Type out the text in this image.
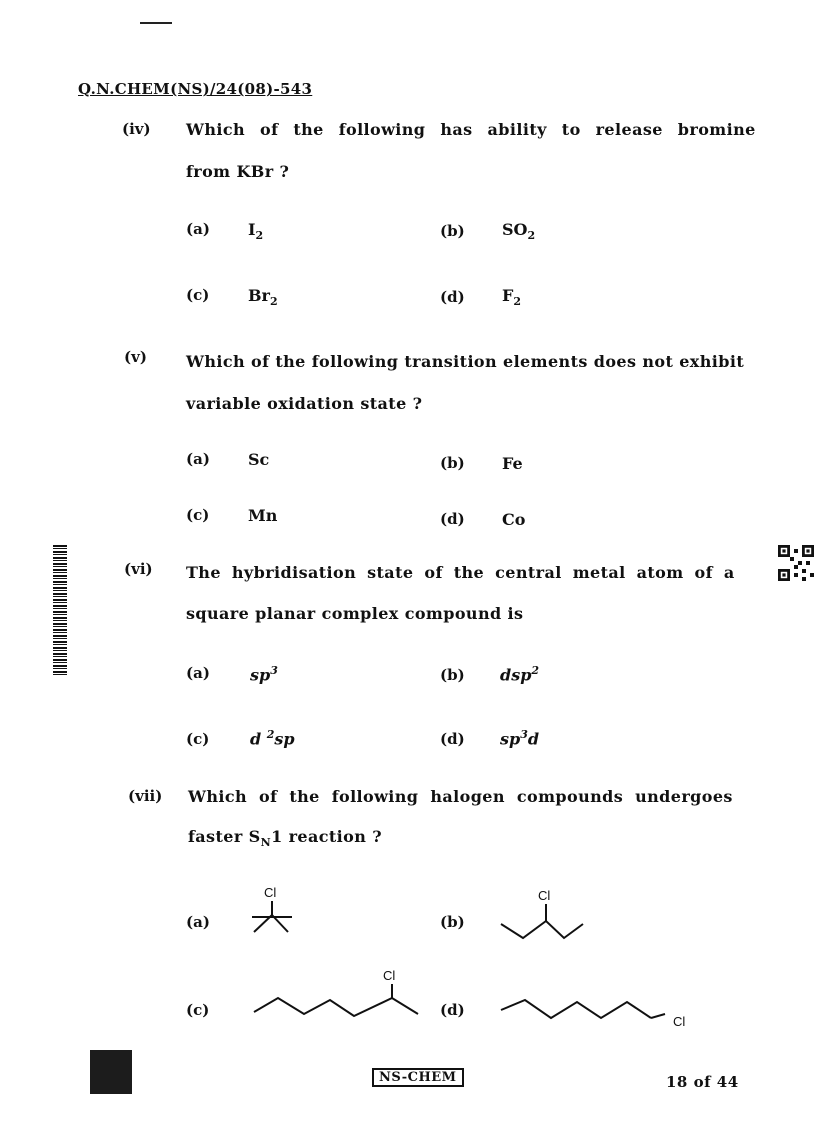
Q.N.CHEM(NS)/24(08)-543
(iv) Which of the following has ability to release bromine
from KBr ?
(a) $I_2$	(b) $SO_2$
(c) $Br_2$	(d) $F_2$
(v) Which of the following transition elements does not exhibit
variable oxidation state ?
(a) Sc	(b) Fe
(c) Mn	(d) Co
(vi) The hybridisation state of the central metal atom of a
square planar complex compound is
(a)	$sp^3$	(b) dsp$^2$
(c)	d $^2$sp	(d) $sp^3d$
(vii) Which of the following halogen compounds undergoes
faster $S_N1$ reaction ?
(a)	(b)
(c)	(d)
Cl	Cl
Cl
Cl
NS-CHEM	18 of 44
